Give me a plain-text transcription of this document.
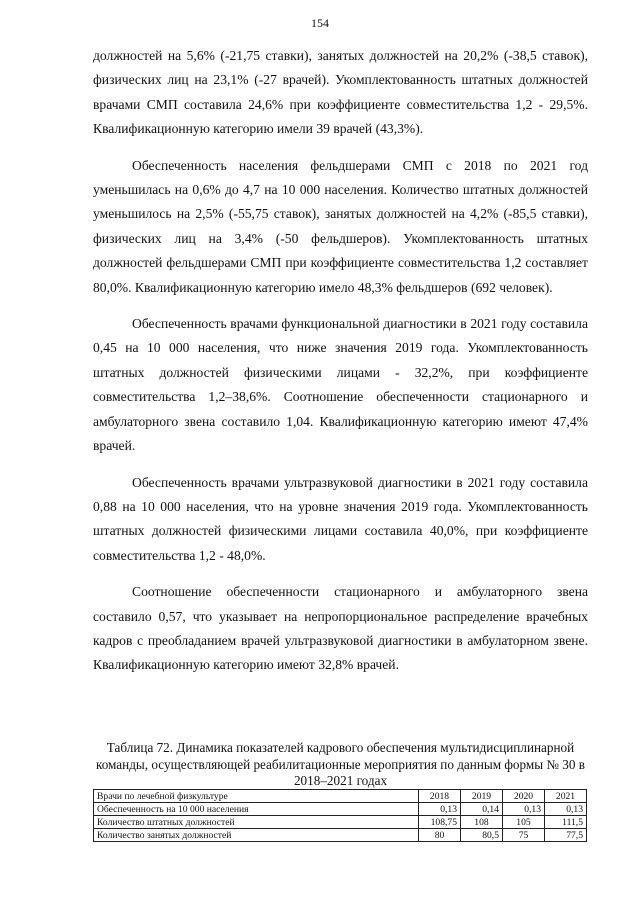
154

должностей на 5,6% (-21,75 ставки), занятых должностей на 20,2% (-38,5 ставок), физических лиц на 23,1% (-27 врачей). Укомплектованность штатных должностей врачами СМП составила 24,6% при коэффициенте совместительства 1,2 - 29,5%. Квалификационную категорию имели 39 врачей (43,3%).

Обеспеченность населения фельдшерами СМП с 2018 по 2021 год уменьшилась на 0,6% до 4,7 на 10 000 населения. Количество штатных должностей уменьшилось на 2,5% (-55,75 ставок), занятых должностей на 4,2% (-85,5 ставки), физических лиц на 3,4% (-50 фельдшеров). Укомплектованность штатных должностей фельдшерами СМП при коэффициенте совместительства 1,2 составляет 80,0%. Квалификационную категорию имело 48,3% фельдшеров (692 человек).

Обеспеченность врачами функциональной диагностики в 2021 году составила 0,45 на 10 000 населения, что ниже значения 2019 года. Укомплектованность штатных должностей физическими лицами - 32,2%, при коэффициенте совместительства 1,2–38,6%. Соотношение обеспеченности стационарного и амбулаторного звена составило 1,04. Квалификационную категорию имеют 47,4% врачей.

Обеспеченность врачами ультразвуковой диагностики в 2021 году составила 0,88 на 10 000 населения, что на уровне значения 2019 года. Укомплектованность штатных должностей физическими лицами составила 40,0%, при коэффициенте совместительства 1,2 - 48,0%.

Соотношение обеспеченности стационарного и амбулаторного звена составило 0,57, что указывает на непропорциональное распределение врачебных кадров с преобладанием врачей ультразвуковой диагностики в амбулаторном звене. Квалификационную категорию имеют 32,8% врачей.

Таблица 72. Динамика показателей кадрового обеспечения мультидисциплинарной команды, осуществляющей реабилитационные мероприятия по данным формы № 30 в 2018–2021 годах
Врачи по лечебной физкультуре	2018	2019	2020	2021
Обеспеченность на 10 000 населения	0,13	0,14	0,13	0,13
Количество штатных должностей	108,75	108	105	111,5
Количество занятых должностей	80	80,5	75	77,5
